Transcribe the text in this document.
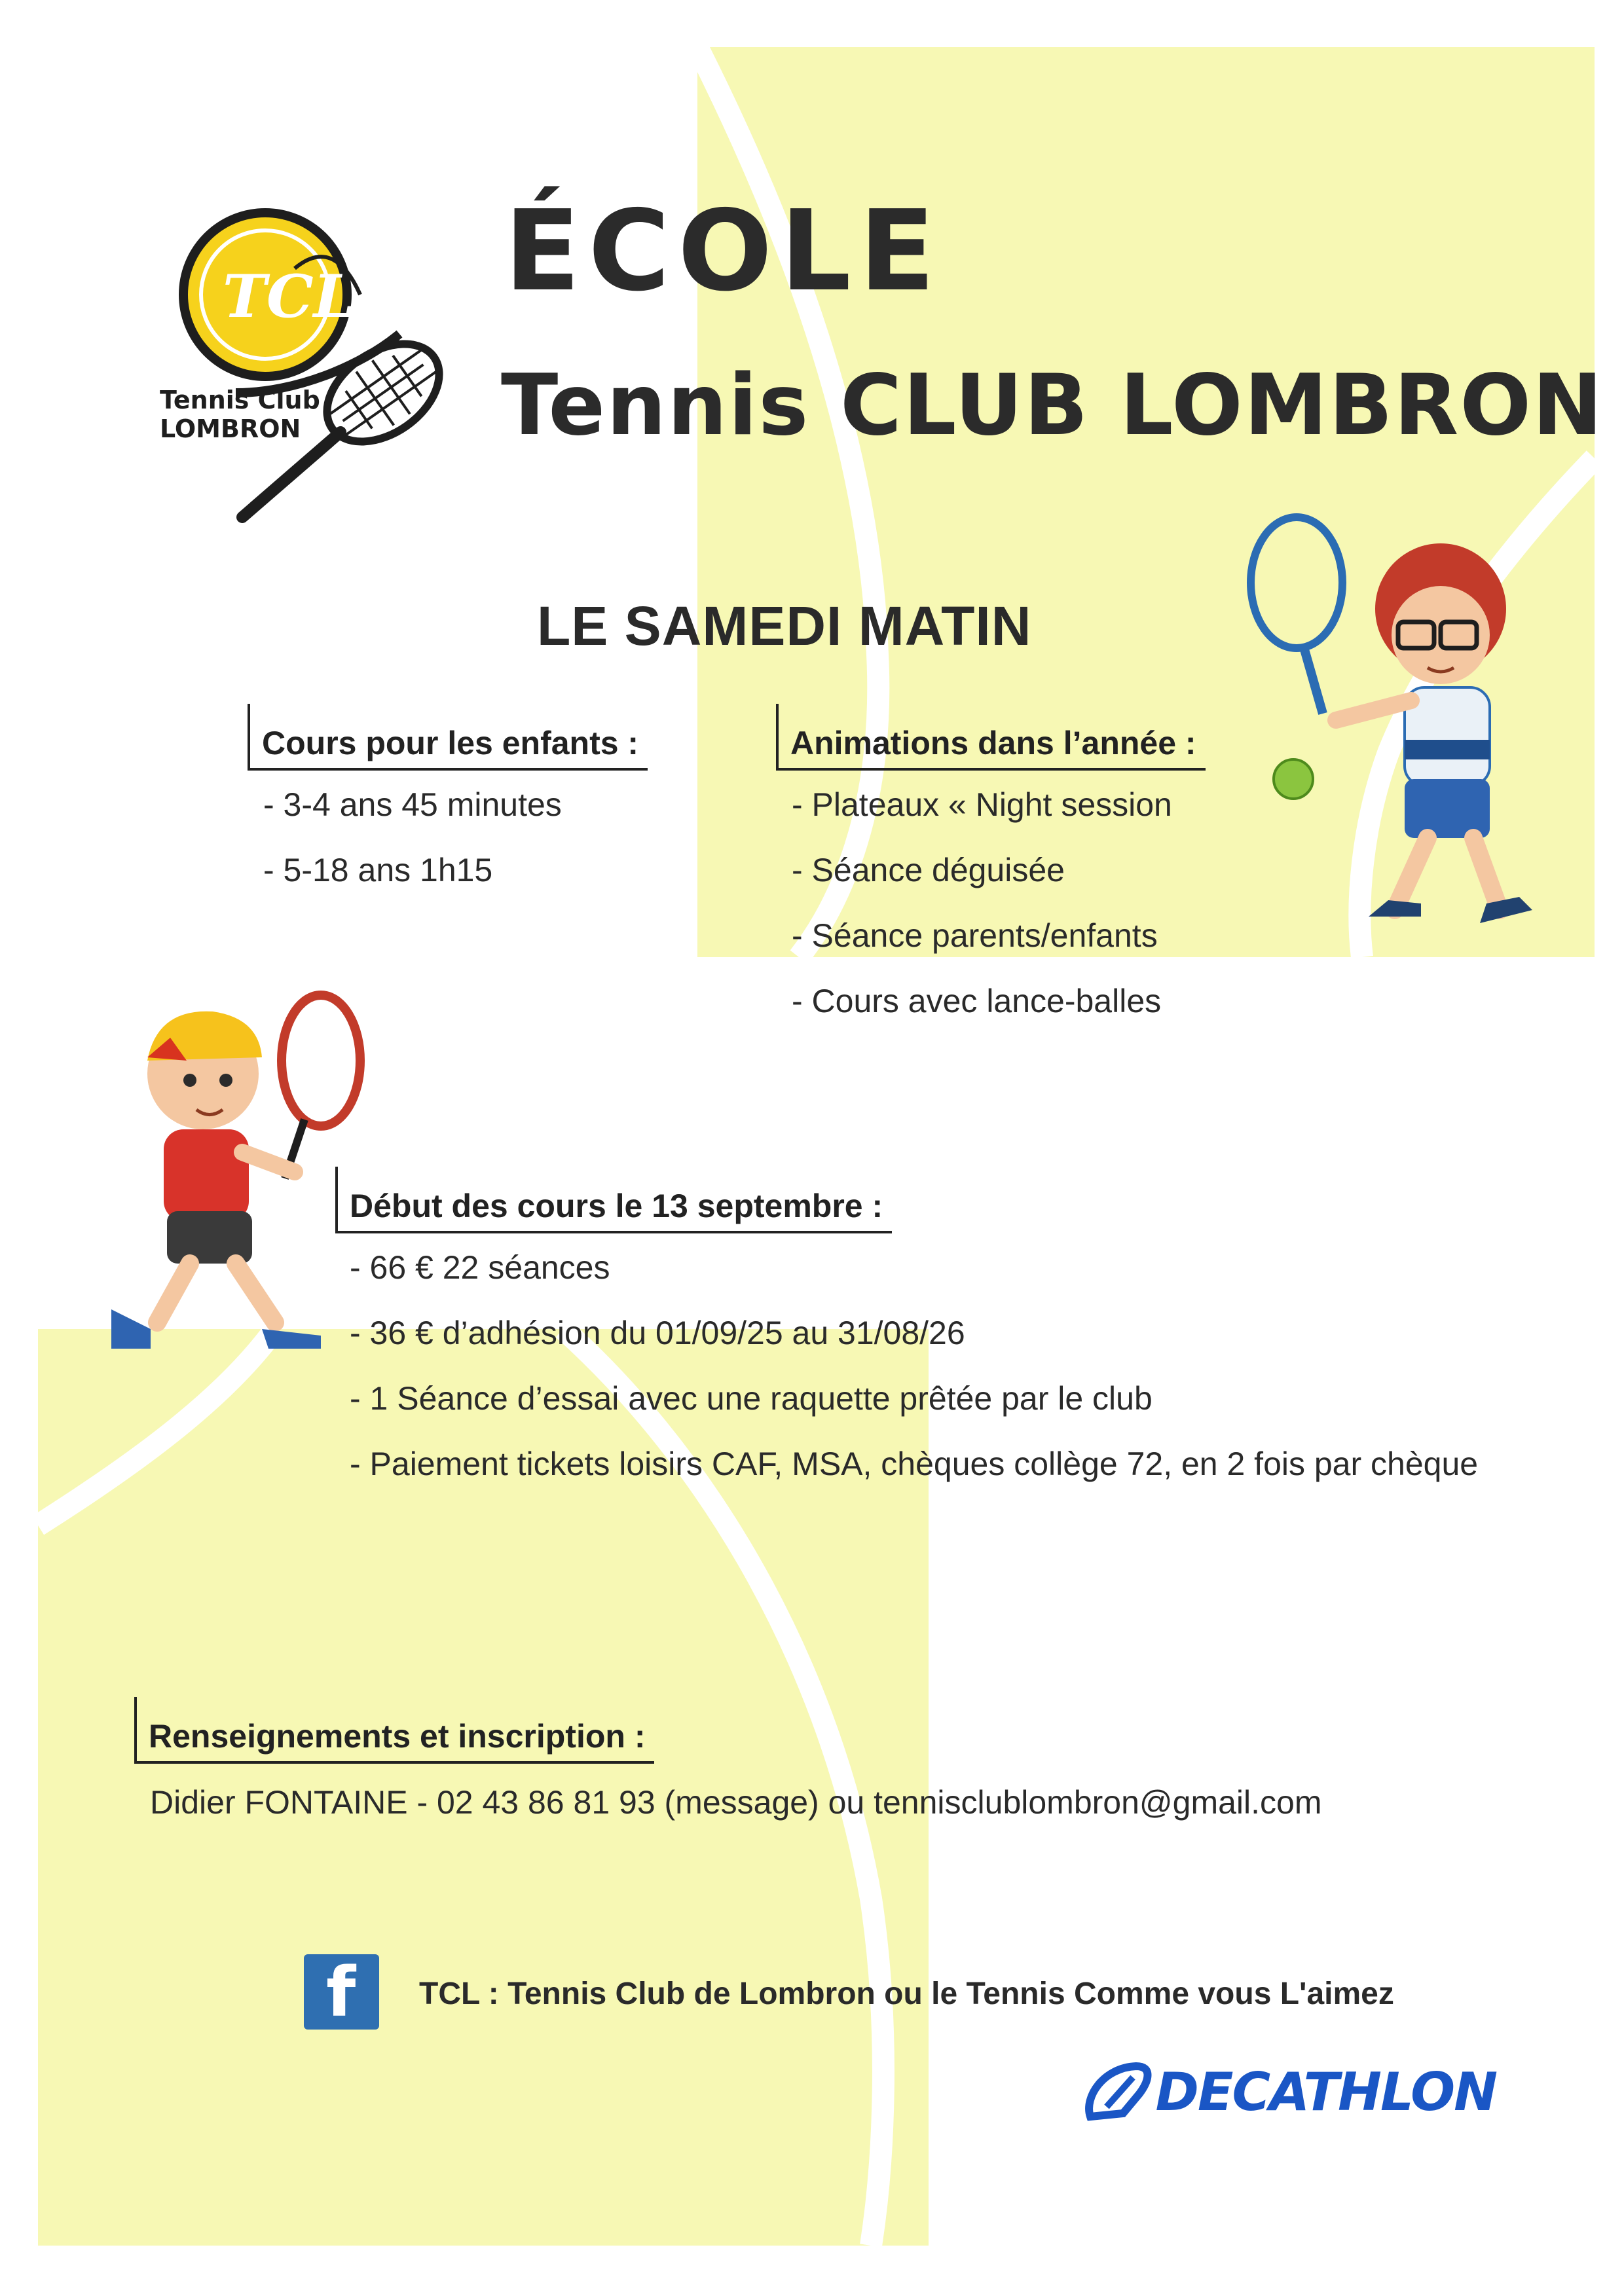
TCL
Tennis Club
LOMBRON
ÉCOLE
Tennis CLUB LOMBRON
LE SAMEDI MATIN
Cours pour les enfants :
- 3-4 ans 45 minutes
- 5-18 ans 1h15
Animations dans l’année :
- Plateaux « Night session
- Séance déguisée
- Séance parents/enfants
- Cours avec lance-balles
Début des cours le 13 septembre :
- 66 € 22 séances
- 36 € d’adhésion du 01/09/25 au 31/08/26
- 1 Séance d’essai avec une raquette prêtée par le club
- Paiement tickets loisirs CAF, MSA, chèques collège 72, en 2 fois par chèque
Renseignements et inscription :
Didier FONTAINE - 02 43 86 81 93 (message) ou tennisclublombron@gmail.com
f TCL : Tennis Club de Lombron ou le Tennis Comme vous L'aimez
DECATHLON
